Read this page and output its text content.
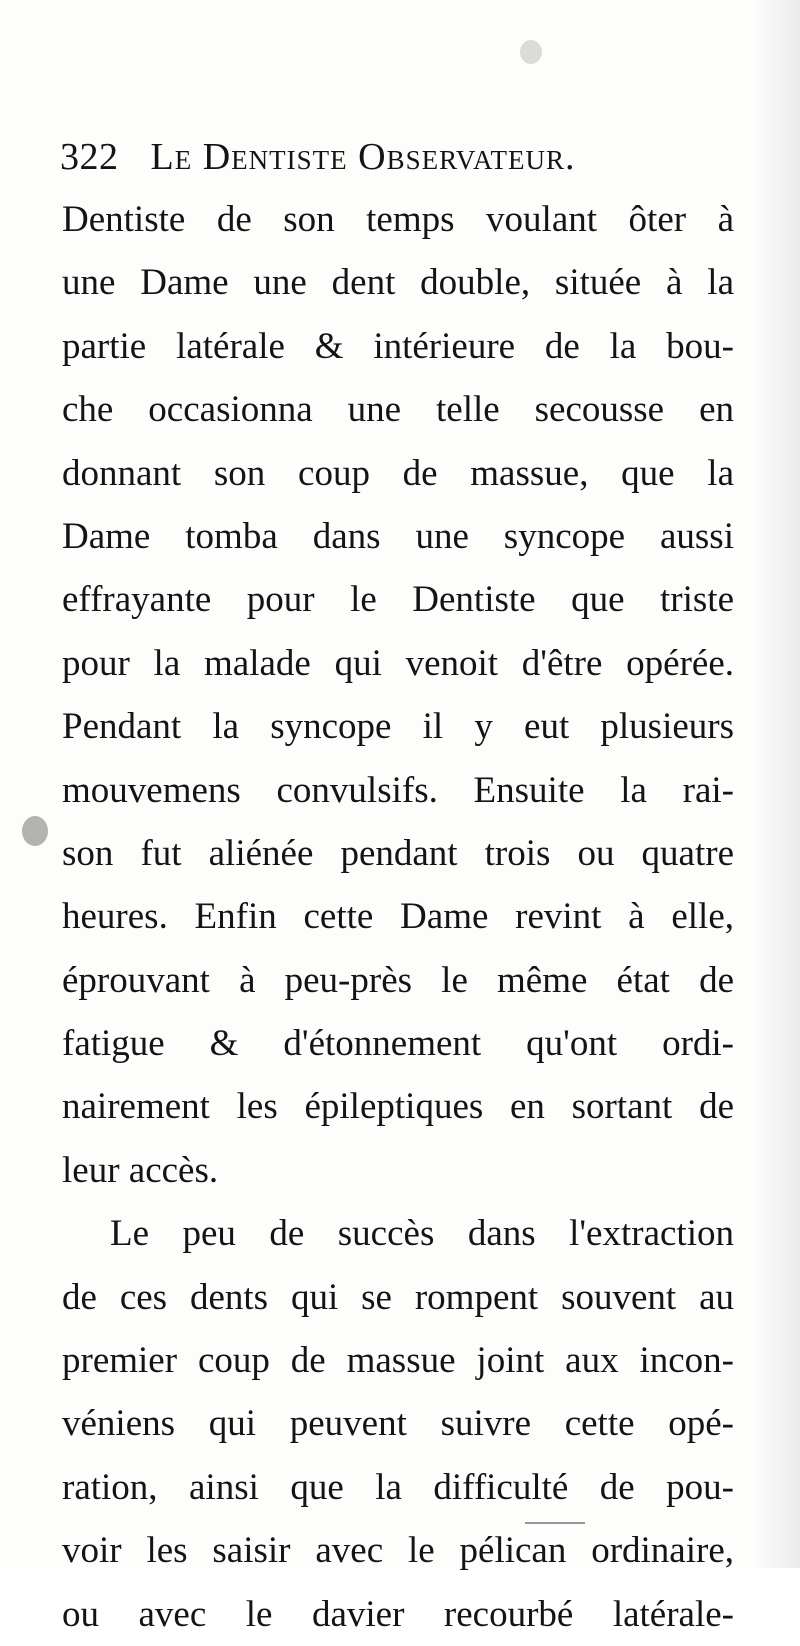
322 Le Dentiste Observateur.
Dentiste de son temps voulant ôter à
une Dame une dent double, située à la
partie latérale & intérieure de la bou-
che occasionna une telle secousse en
donnant son coup de massue, que la
Dame tomba dans une syncope aussi
effrayante pour le Dentiste que triste
pour la malade qui venoit d'être opérée.
Pendant la syncope il y eut plusieurs
mouvemens convulsifs. Ensuite la rai-
son fut aliénée pendant trois ou quatre
heures. Enfin cette Dame revint à elle,
éprouvant à peu-près le même état de
fatigue & d'étonnement qu'ont ordi-
nairement les épileptiques en sortant de
leur accès.
Le peu de succès dans l'extraction
de ces dents qui se rompent souvent au
premier coup de massue joint aux incon-
véniens qui peuvent suivre cette opé-
ration, ainsi que la difficulté de pou-
voir les saisir avec le pélican ordinaire,
ou avec le davier recourbé latérale-
